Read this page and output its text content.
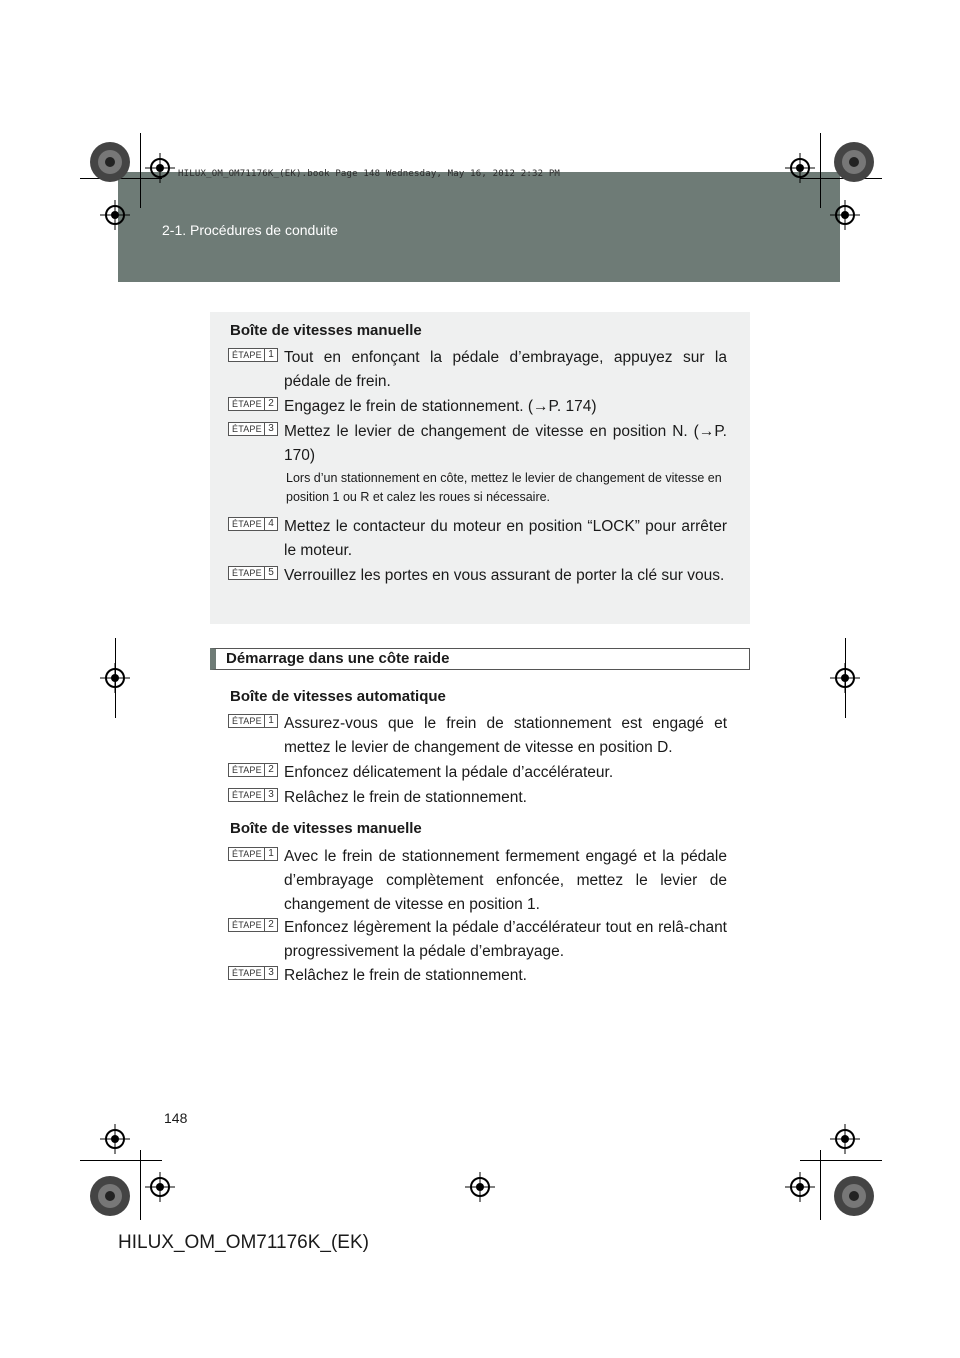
2-1. Procédures de conduite
HILUX_OM_OM71176K_(EK).book Page 148 Wednesday, May 16, 2012 2:32 PM
Boîte de vitesses manuelle
ÉTAPE 1 Tout en enfonçant la pédale d’embrayage, appuyez sur la pédale de frein.
ÉTAPE 2 Engagez le frein de stationnement. (→P. 174)
ÉTAPE 3 Mettez le levier de changement de vitesse en position N. (→P. 170)
Lors d’un stationnement en côte, mettez le levier de changement de vitesse en position 1 ou R et calez les roues si nécessaire.
ÉTAPE 4 Mettez le contacteur du moteur en position “LOCK” pour arrêter le moteur.
ÉTAPE 5 Verrouillez les portes en vous assurant de porter la clé sur vous.
Démarrage dans une côte raide
Boîte de vitesses automatique
ÉTAPE 1 Assurez-vous que le frein de stationnement est engagé et mettez le levier de changement de vitesse en position D.
ÉTAPE 2 Enfoncez délicatement la pédale d’accélérateur.
ÉTAPE 3 Relâchez le frein de stationnement.
Boîte de vitesses manuelle
ÉTAPE 1 Avec le frein de stationnement fermement engagé et la pédale d’embrayage complètement enfoncée, mettez le levier de changement de vitesse en position 1.
ÉTAPE 2 Enfoncez légèrement la pédale d’accélérateur tout en relâ-chant progressivement la pédale d’embrayage.
ÉTAPE 3 Relâchez le frein de stationnement.
148
HILUX_OM_OM71176K_(EK)
